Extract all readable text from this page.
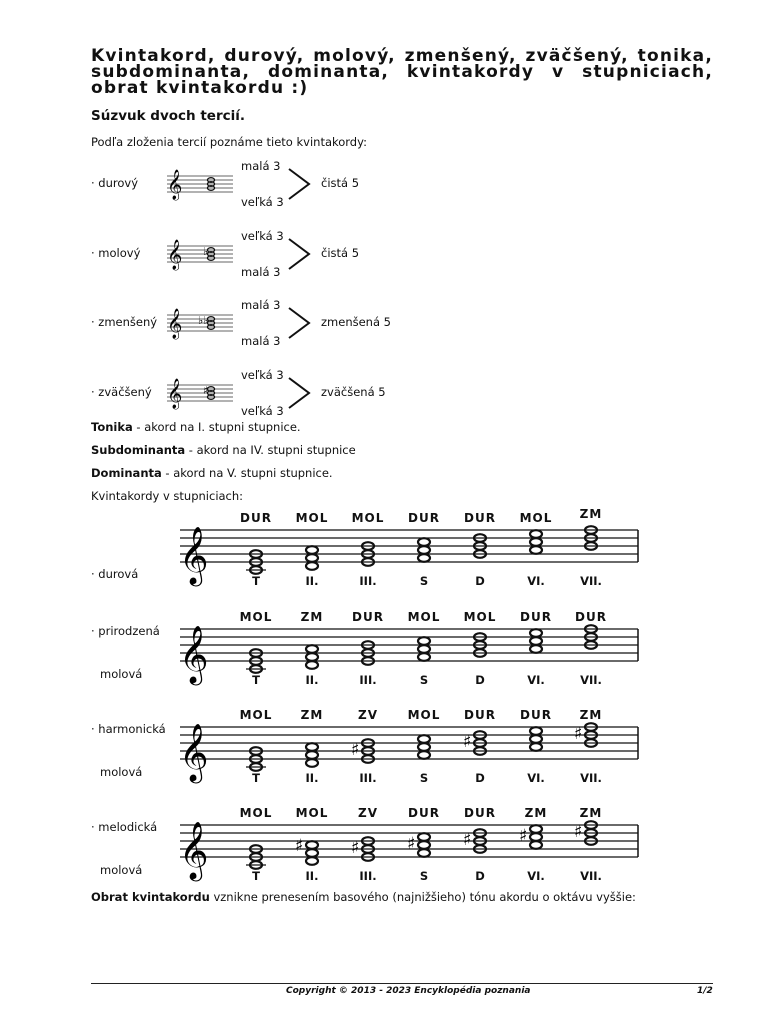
Kvintakord, durový, molový, zmenšený, zväčšený, tonika, subdominanta, dominanta, kvintakordy v stupniciach, obrat kvintakordu :)
Súzvuk dvoch tercií.
Podľa zloženia tercií poznáme tieto kvintakordy:
· durový
malá 3
veľká 3
čistá 5
𝄞
· molový
veľká 3
malá 3
čistá 5
𝄞 ♭
· zmenšený
malá 3
malá 3
zmenšená 5
𝄞 ♭♭
· zväčšený
veľká 3
veľká 3
zväčšená 5
𝄞 ♯
Tonika - akord na I. stupni stupnice.
Subdominanta - akord na IV. stupni stupnice
Dominanta - akord na V. stupni stupnice.
Kvintakordy v stupniciach:
· durová 𝄞
DUR	MOL	MOL	DUR	DUR	MOL	ZM
T	II.	III.	S	D	VI.	VII.
· prirodzená
molová 𝄞
MOL	ZM	DUR	MOL	MOL	DUR	DUR
T	II.	III.	S	D	VI.	VII.
· harmonická
molová 𝄞	♯	♯	♯
MOL	ZM	ZV	MOL	DUR	DUR	ZM
T	II.	III.	S	D	VI.	VII.
· melodická
molová 𝄞	♯	♯	♯	♯	♯	♯
MOL	MOL	ZV	DUR	DUR	ZM	ZM
T	II.	III.	S	D	VI.	VII.
Obrat kvintakordu vznikne prenesením basového (najnižšieho) tónu akordu o oktávu vyššie:
Copyright © 2013 - 2023 Encyklopédia poznania	1/2
